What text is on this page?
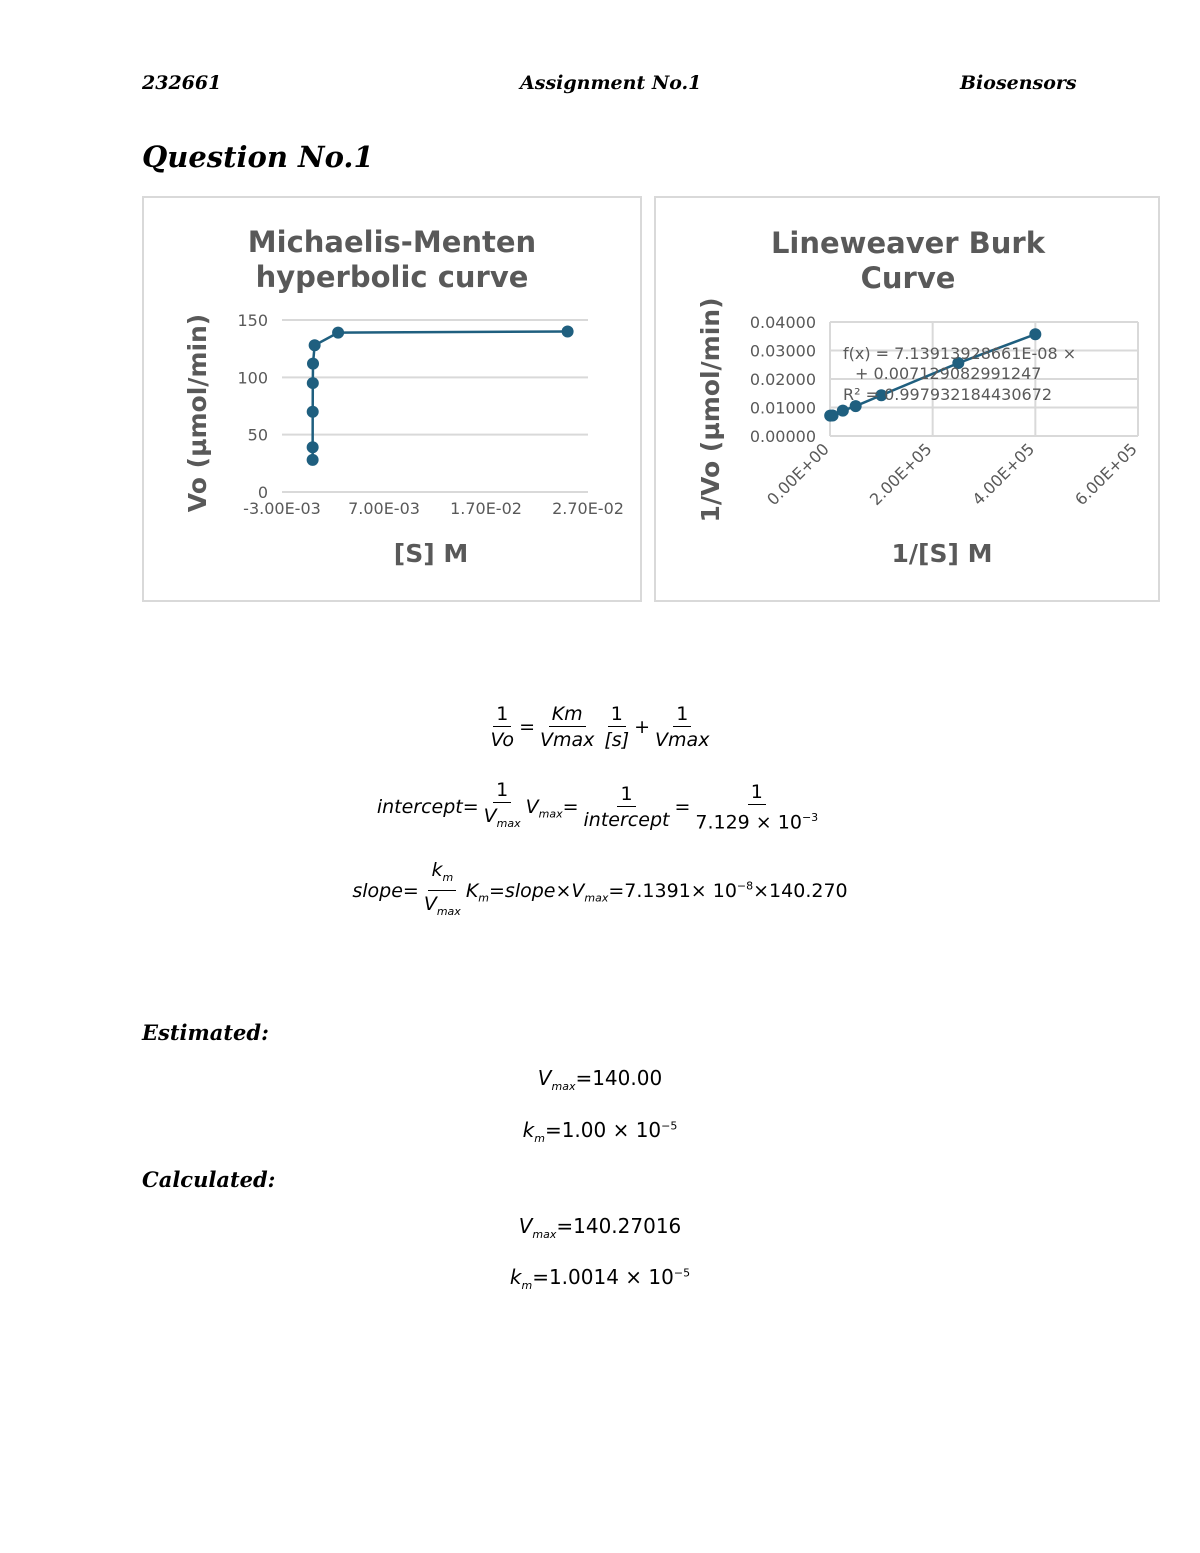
232661	Assignment No.1	Biosensors
Question No.1
Michaelis-Menten
hyperbolic curve
Vo (µmol/min)
[S] M
0
50
100
150
-3.00E-03 7.00E-03 1.70E-02 2.70E-02
Lineweaver Burk
Curve
1/Vo (µmol/min)
1/[S] M
0.00000
0.01000
0.02000
0.03000
0.04000
0.00E+00 2.00E+05 4.00E+05 6.00E+05
f(x) = 7.13913928661E-08 ×
+ 0.00712908299124​7
R² = 0.997932184430672
$\frac{1}{Vo} = \frac{Km}{Vmax} \frac{1}{[s]} + \frac{1}{Vmax}$
intercept= $\frac{1}{V_{max}} V_{max}= \frac{1}{\text{intercept}} = \frac{1}{7.129 \times 10^{-3}}$
slope= $\frac{k_m}{V_{max}}$ $K_m=slope\times V_{max}=7.1391\times 10^{-8}\times 140.270$
Estimated:
$V_{max}=140.00$
$k_m=1.00 \times 10^{-5}$
Calculated:
$V_{max}=140.27016$
$k_m=1.0014 \times 10^{-5}$
